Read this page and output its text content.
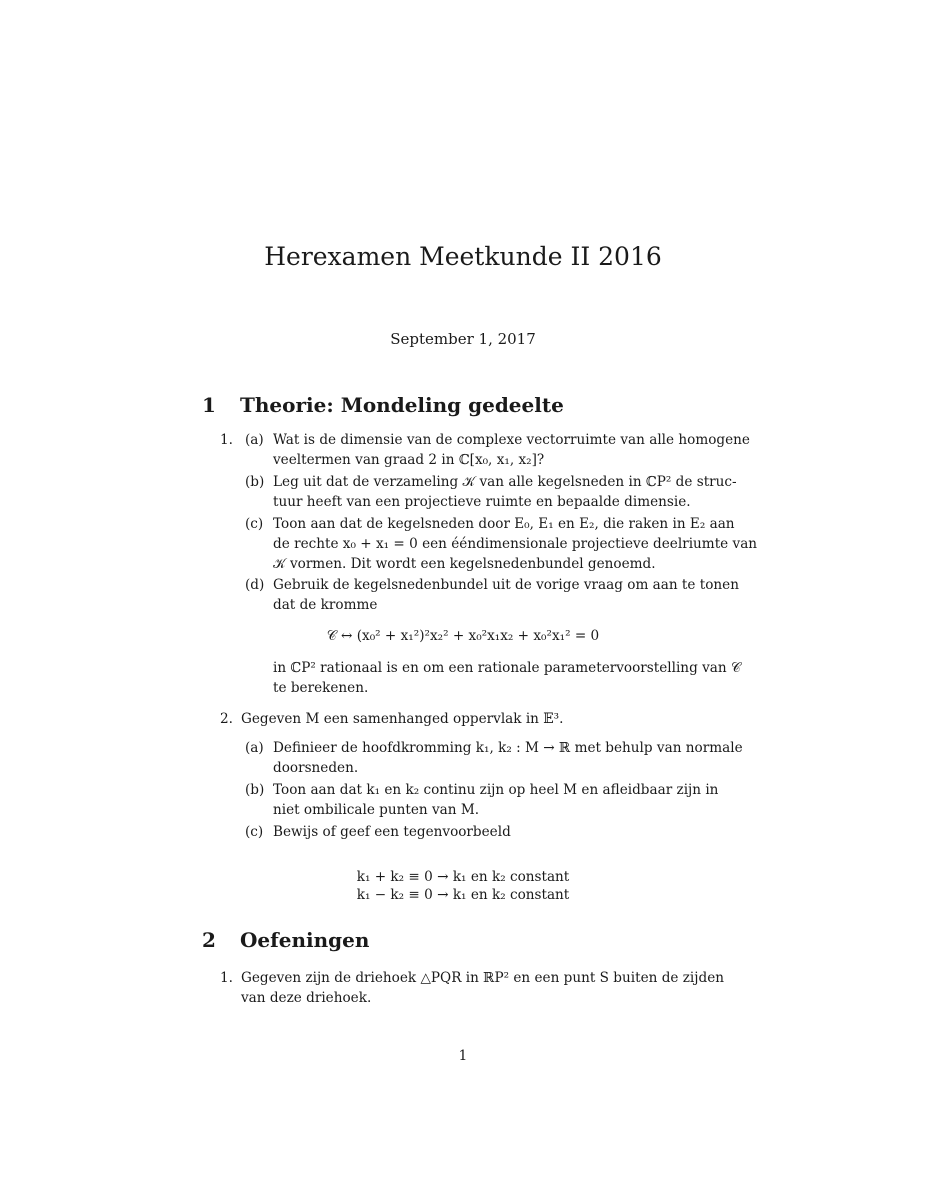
Herexamen Meetkunde II 2016
September 1, 2017
1 Theorie: Mondeling gedeelte
1. (a) Wat is de dimensie van de complexe vectorruimte van alle homogene
veeltermen van graad 2 in ℂ[x₀, x₁, x₂]?
(b) Leg uit dat de verzameling 𝒦 van alle kegelsneden in ℂP² de struc-
tuur heeft van een projectieve ruimte en bepaalde dimensie.
(c) Toon aan dat de kegelsneden door E₀, E₁ en E₂, die raken in E₂ aan
de rechte x₀ + x₁ = 0 een ééndimensionale projectieve deelriumte van
𝒦 vormen. Dit wordt een kegelsnedenbundel genoemd.
(d) Gebruik de kegelsnedenbundel uit de vorige vraag om aan te tonen
dat de kromme
𝒞 ↔ (x₀² + x₁²)²x₂² + x₀²x₁x₂ + x₀²x₁² = 0
in ℂP² rationaal is en om een rationale parametervoorstelling van 𝒞
te berekenen.
2. Gegeven M een samenhanged oppervlak in 𝔼³.
(a) Definieer de hoofdkromming k₁, k₂ : M → ℝ met behulp van normale
doorsneden.
(b) Toon aan dat k₁ en k₂ continu zijn op heel M en afleidbaar zijn in
niet ombilicale punten van M.
(c) Bewijs of geef een tegenvoorbeeld
k₁ + k₂ ≡ 0 → k₁ en k₂ constant
k₁ − k₂ ≡ 0 → k₁ en k₂ constant
2 Oefeningen
1. Gegeven zijn de driehoek △PQR in ℝP² en een punt S buiten de zijden
van deze driehoek.
1
